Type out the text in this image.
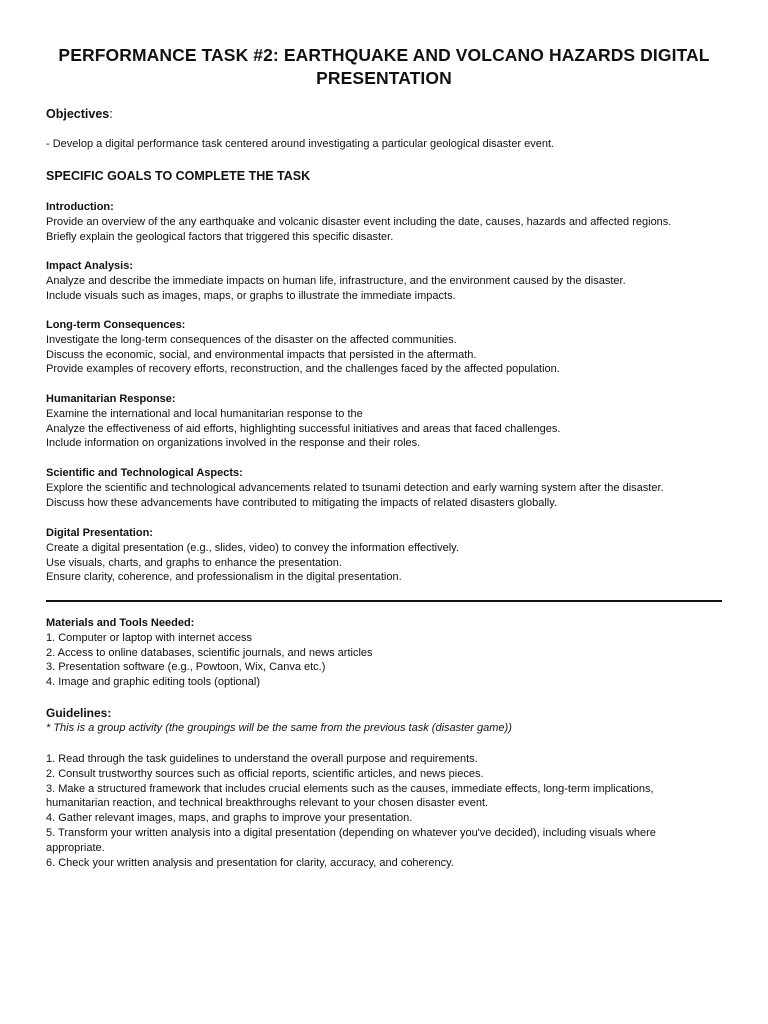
PERFORMANCE TASK #2: EARTHQUAKE AND VOLCANO HAZARDS DIGITAL
PRESENTATION
Objectives:
- Develop a digital performance task centered around investigating a particular geological disaster event.
SPECIFIC GOALS TO COMPLETE THE TASK
Introduction:
Provide an overview of the any earthquake and volcanic disaster event including the date, causes, hazards and affected regions.
Briefly explain the geological factors that triggered this specific disaster.
Impact Analysis:
Analyze and describe the immediate impacts on human life, infrastructure, and the environment caused by the disaster.
Include visuals such as images, maps, or graphs to illustrate the immediate impacts.
Long-term Consequences:
Investigate the long-term consequences of the disaster on the affected communities.
Discuss the economic, social, and environmental impacts that persisted in the aftermath.
Provide examples of recovery efforts, reconstruction, and the challenges faced by the affected population.
Humanitarian Response:
Examine the international and local humanitarian response to the
Analyze the effectiveness of aid efforts, highlighting successful initiatives and areas that faced challenges.
Include information on organizations involved in the response and their roles.
Scientific and Technological Aspects:
Explore the scientific and technological advancements related to tsunami detection and early warning system after the disaster.
Discuss how these advancements have contributed to mitigating the impacts of related disasters globally.
Digital Presentation:
Create a digital presentation (e.g., slides, video) to convey the information effectively.
Use visuals, charts, and graphs to enhance the presentation.
Ensure clarity, coherence, and professionalism in the digital presentation.
Materials and Tools Needed:
1. Computer or laptop with internet access
2. Access to online databases, scientific journals, and news articles
3. Presentation software (e.g., Powtoon, Wix, Canva etc.)
4. Image and graphic editing tools (optional)
Guidelines:
* This is a group activity (the groupings will be the same from the previous task (disaster game))
1. Read through the task guidelines to understand the overall purpose and requirements.
2. Consult trustworthy sources such as official reports, scientific articles, and news pieces.
3. Make a structured framework that includes crucial elements such as the causes, immediate effects, long-term implications,
humanitarian reaction, and technical breakthroughs relevant to your chosen disaster event.
4. Gather relevant images, maps, and graphs to improve your presentation.
5. Transform your written analysis into a digital presentation (depending on whatever you've decided), including visuals where
appropriate.
6. Check your written analysis and presentation for clarity, accuracy, and coherency.
